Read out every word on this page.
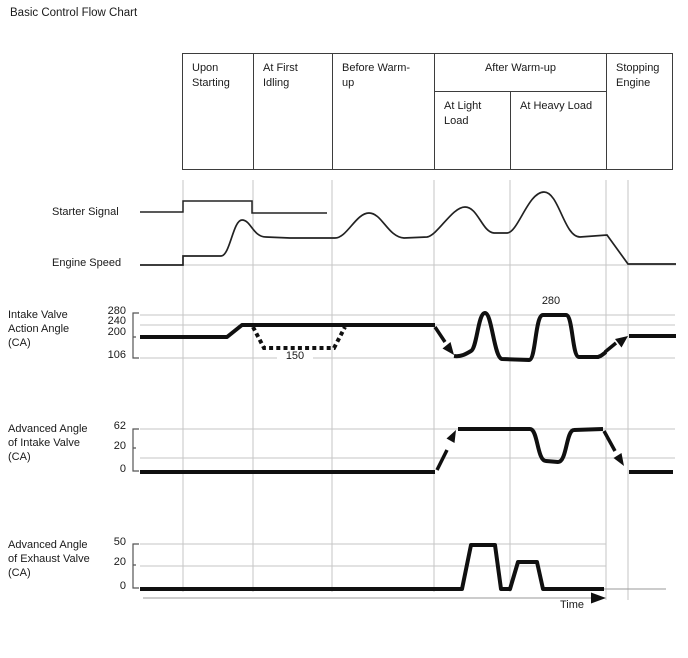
Basic Control Flow Chart
Upon Starting	At First Idling	Before Warm-up	After Warm-up		Stopping Engine
			At Light Load	At Heavy Load	
Starter Signal
Engine Speed
Intake Valve
Action Angle
(CA)
280
240
200
106	150
280
Advanced Angle
of Intake Valve
(CA)
62
20
0
Advanced Angle
of Exhaust Valve
(CA)
50
20
0
Time
